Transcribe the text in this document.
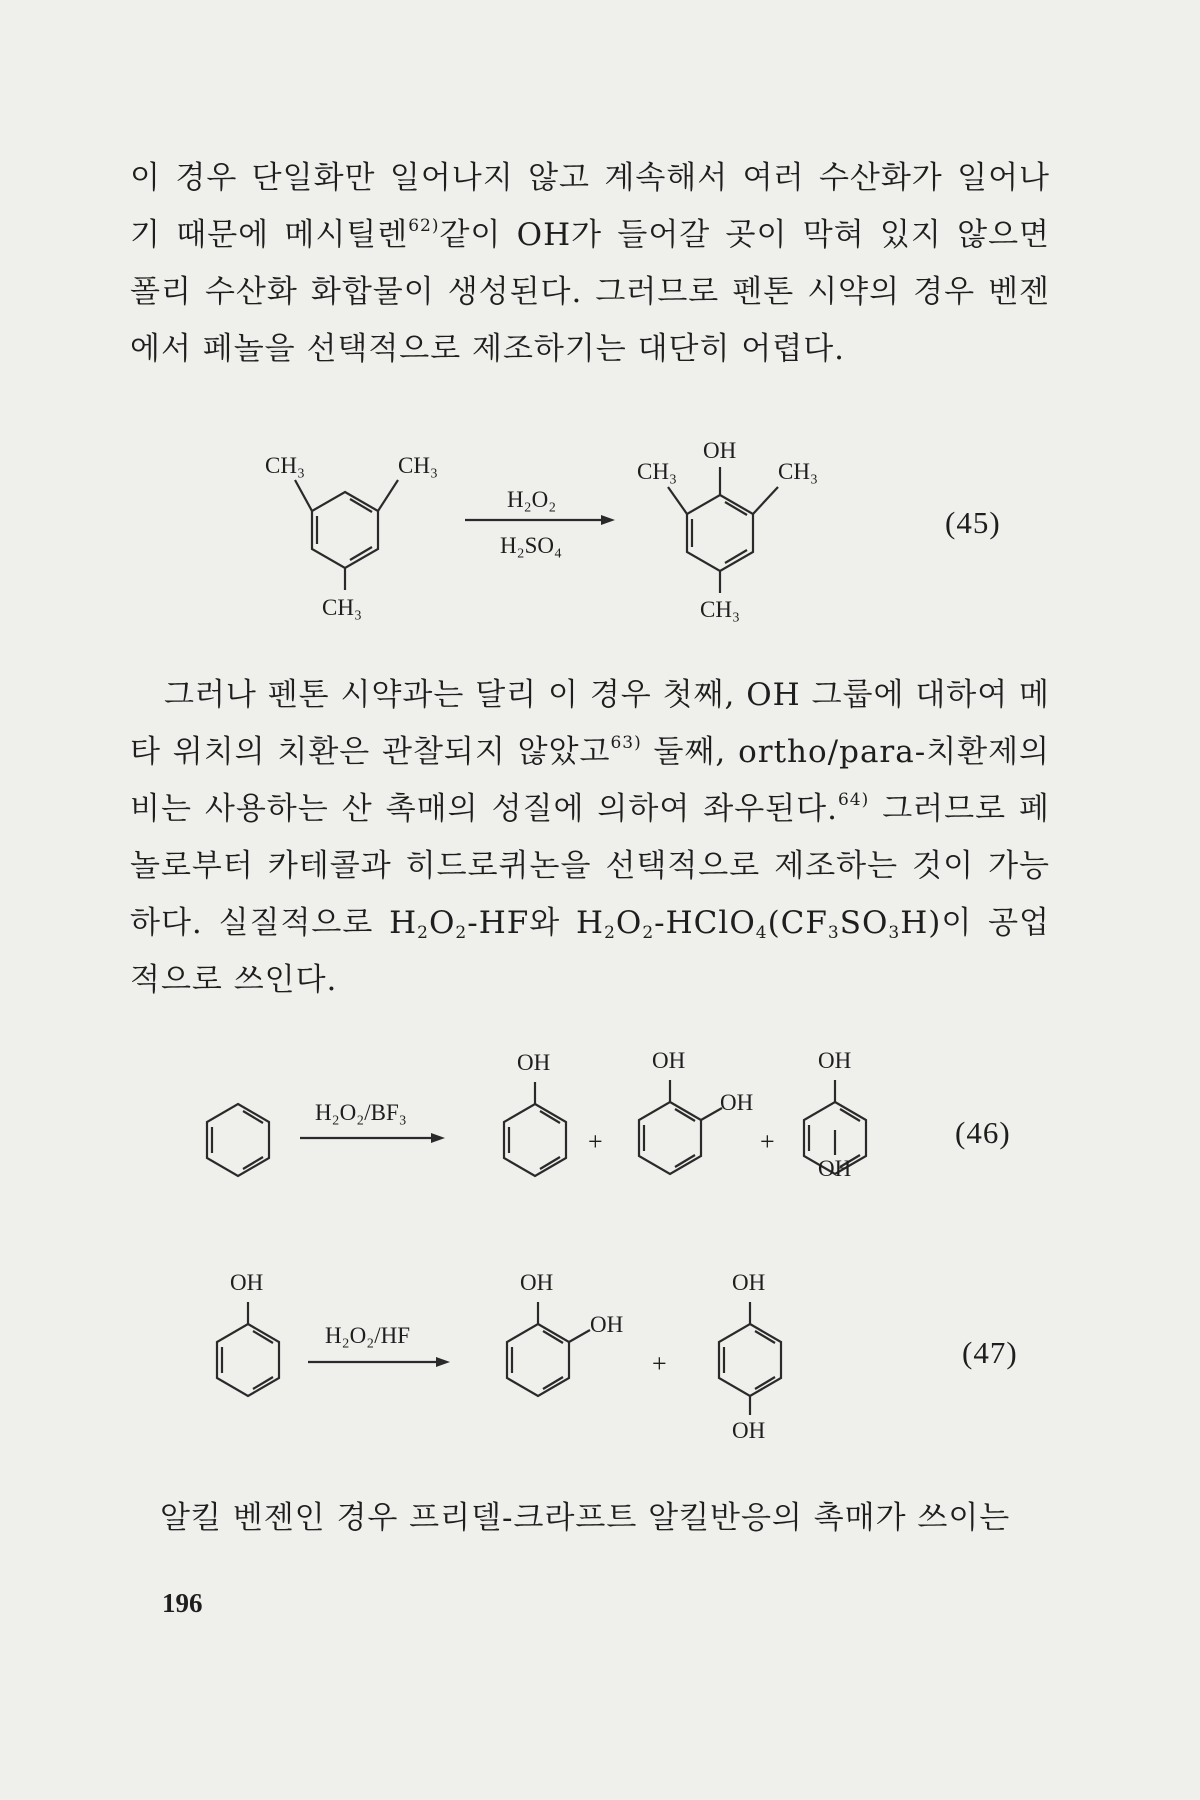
이 경우 단일화만 일어나지 않고 계속해서 여러 수산화가 일어나기 때문에 메시틸렌$^{62)}$같이 OH가 들어갈 곳이 막혀 있지 않으면 폴리 수산화 화합물이 생성된다. 그러므로 펜톤 시약의 경우 벤젠에서 페놀을 선택적으로 제조하기는 대단히 어렵다.

CH₃	CH₃
CH₃
H₂O₂
H₂SO₄
OH
CH₃	CH₃
CH₃
(45)

그러나 펜톤 시약과는 달리 이 경우 첫째, OH 그룹에 대하여 메타 위치의 치환은 관찰되지 않았고$^{63)}$ 둘째, ortho/para-치환제의 비는 사용하는 산 촉매의 성질에 의하여 좌우된다.$^{64)}$ 그러므로 페놀로부터 카테콜과 히드로퀴논을 선택적으로 제조하는 것이 가능하다. 실질적으로 $H_2O_2-HF$와 $H_2O_2-HClO_4(CF_3SO_3H)$이 공업적으로 쓰인다.

H₂O₂/BF₃
OH
+
OH
OH
+
OH
OH
(46)
OH
H₂O₂/HF
OH
OH
+
OH
OH
(47)

알킬 벤젠인 경우 프리델-크라프트 알킬반응의 촉매가 쓰이는

196
